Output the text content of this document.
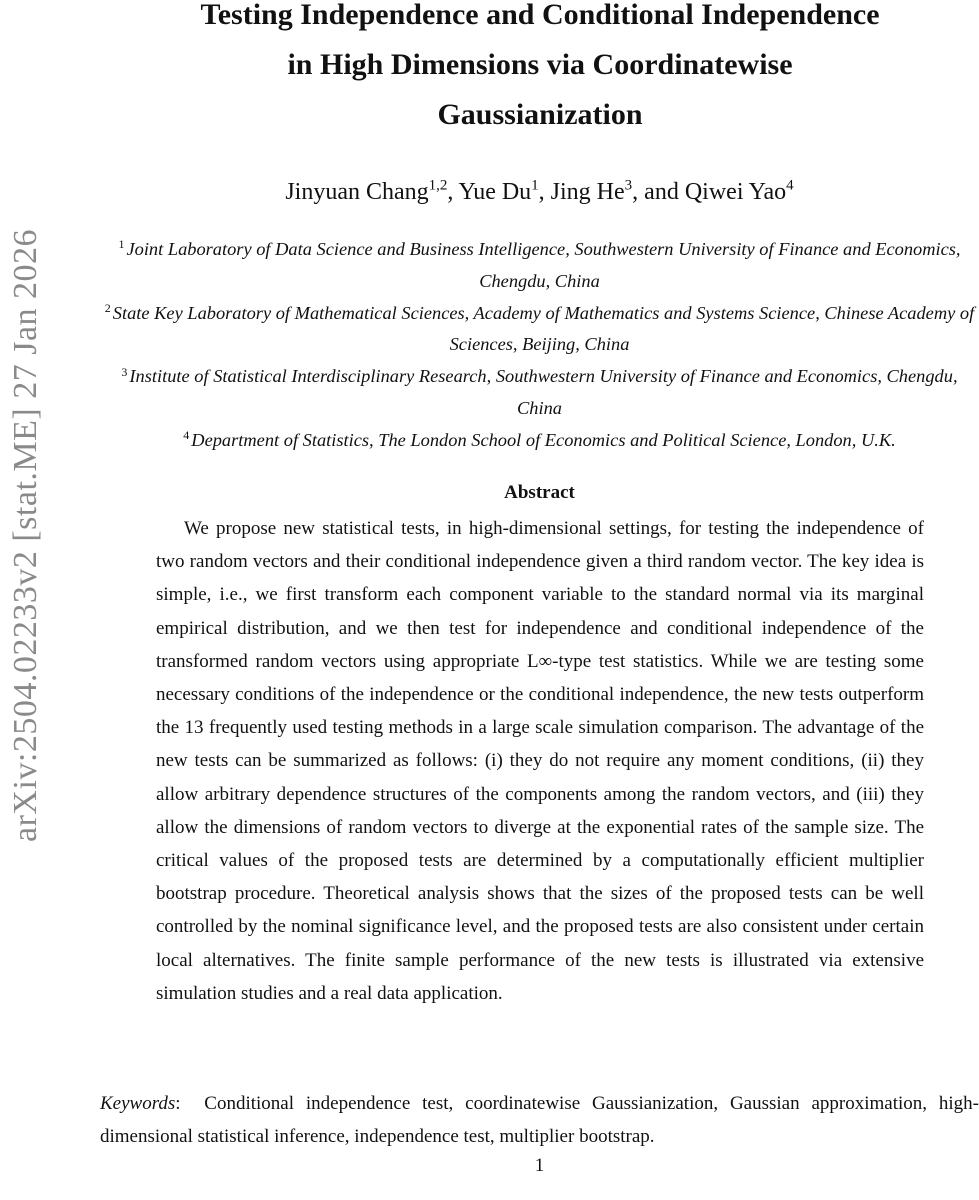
arXiv:2504.02233v2 [stat.ME] 27 Jan 2026
Testing Independence and Conditional Independence
in High Dimensions via Coordinatewise
Gaussianization
Jinyuan Chang$^{1,2}$, Yue Du$^1$, Jing He$^3$, and Qiwei Yao$^4$
$^1$ Joint Laboratory of Data Science and Business Intelligence, Southwestern University of Finance and Economics, Chengdu, China
$^2$ State Key Laboratory of Mathematical Sciences, Academy of Mathematics and Systems Science, Chinese Academy of Sciences, Beijing, China
$^3$ Institute of Statistical Interdisciplinary Research, Southwestern University of Finance and Economics, Chengdu, China
$^4$ Department of Statistics, The London School of Economics and Political Science, London, U.K.
Abstract
We propose new statistical tests, in high-dimensional settings, for testing the independence of two random vectors and their conditional independence given a third random vector. The key idea is simple, i.e., we first transform each component variable to the standard normal via its marginal empirical distribution, and we then test for independence and conditional independence of the transformed random vectors using appropriate L∞-type test statistics. While we are testing some necessary conditions of the independence or the conditional independence, the new tests outperform the 13 frequently used testing methods in a large scale simulation comparison. The advantage of the new tests can be summarized as follows: (i) they do not require any moment conditions, (ii) they allow arbitrary dependence structures of the components among the random vectors, and (iii) they allow the dimensions of random vectors to diverge at the exponential rates of the sample size. The critical values of the proposed tests are determined by a computationally efficient multiplier bootstrap procedure. Theoretical analysis shows that the sizes of the proposed tests can be well controlled by the nominal significance level, and the proposed tests are also consistent under certain local alternatives. The finite sample performance of the new tests is illustrated via extensive simulation studies and a real data application.
Keywords:  Conditional independence test, coordinatewise Gaussianization, Gaussian approximation, high-dimensional statistical inference, independence test, multiplier bootstrap.
1
